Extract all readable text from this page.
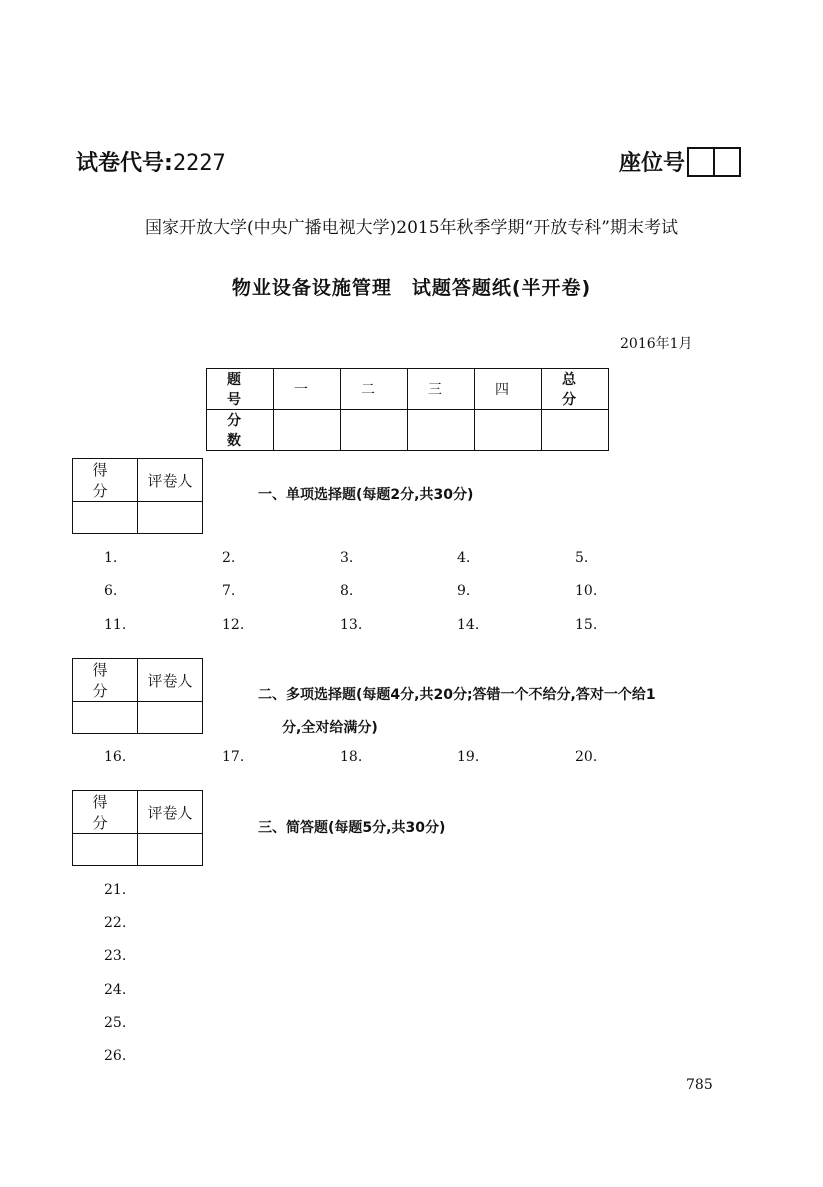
试卷代号:2227	座位号
国家开放大学(中央广播电视大学)2015年秋季学期“开放专科”期末考试
物业设备设施管理　试题答题纸(半开卷)
2016年1月
题 号	一	二	三	四	总 分
分 数					
得 分	评卷人

一、单项选择题(每题2分,共30分)
1.	2.	3.	4.	5.
6.	7.	8.	9.	10.
11.	12.	13.	14.	15.
得 分	评卷人

二、多项选择题(每题4分,共20分;答错一个不给分,答对一个给1
分,全对给满分)
16.	17.	18.	19.	20.
得 分	评卷人

三、简答题(每题5分,共30分)
21.
22.
23.
24.
25.
26.
785
